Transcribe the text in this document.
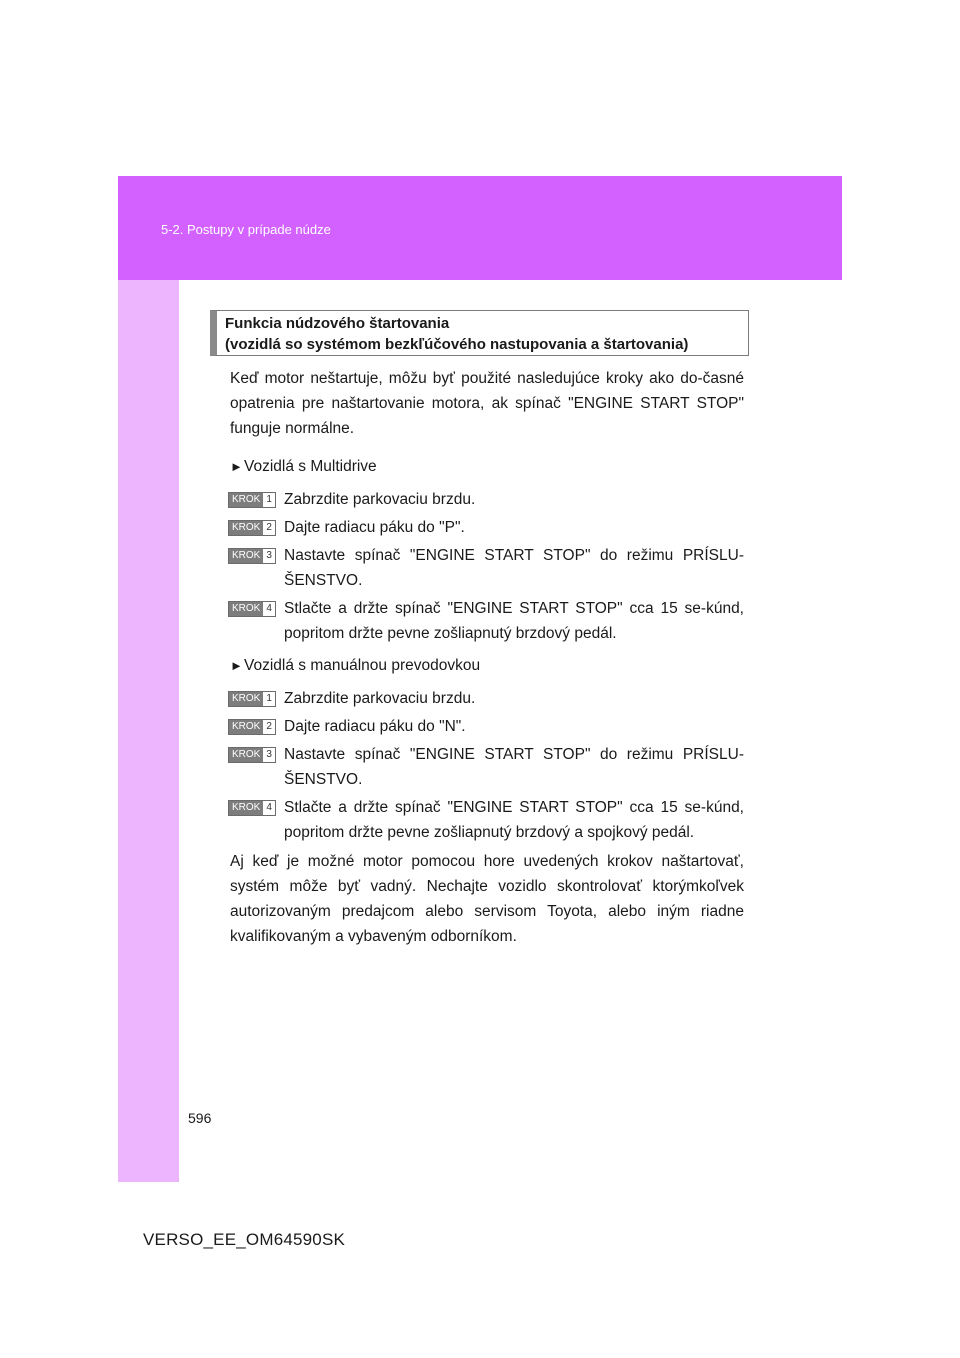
5-2. Postupy v prípade núdze
Funkcia núdzového štartovania
(vozidlá so systémom bezkľúčového nastupovania a štartovania)

Keď motor neštartuje, môžu byť použité nasledujúce kroky ako do-časné opatrenia pre naštartovanie motora, ak spínač "ENGINE START STOP" funguje normálne.

►Vozidlá s Multidrive

KROK 1 Zabrzdite parkovaciu brzdu.
KROK 2 Dajte radiacu páku do "P".
KROK 3 Nastavte spínač "ENGINE START STOP" do režimu PRÍSLU-ŠENSTVO.
KROK 4 Stlačte a držte spínač "ENGINE START STOP" cca 15 se-kúnd, popritom držte pevne zošliapnutý brzdový pedál.

►Vozidlá s manuálnou prevodovkou

KROK 1 Zabrzdite parkovaciu brzdu.
KROK 2 Dajte radiacu páku do "N".
KROK 3 Nastavte spínač "ENGINE START STOP" do režimu PRÍSLU-ŠENSTVO.
KROK 4 Stlačte a držte spínač "ENGINE START STOP" cca 15 se-kúnd, popritom držte pevne zošliapnutý brzdový a spojkový pedál.

Aj keď je možné motor pomocou hore uvedených krokov naštartovať, systém môže byť vadný. Nechajte vozidlo skontrolovať ktorýmkoľvek autorizovaným predajcom alebo servisom Toyota, alebo iným riadne kvalifikovaným a vybaveným odborníkom.

596
VERSO_EE_OM64590SK
